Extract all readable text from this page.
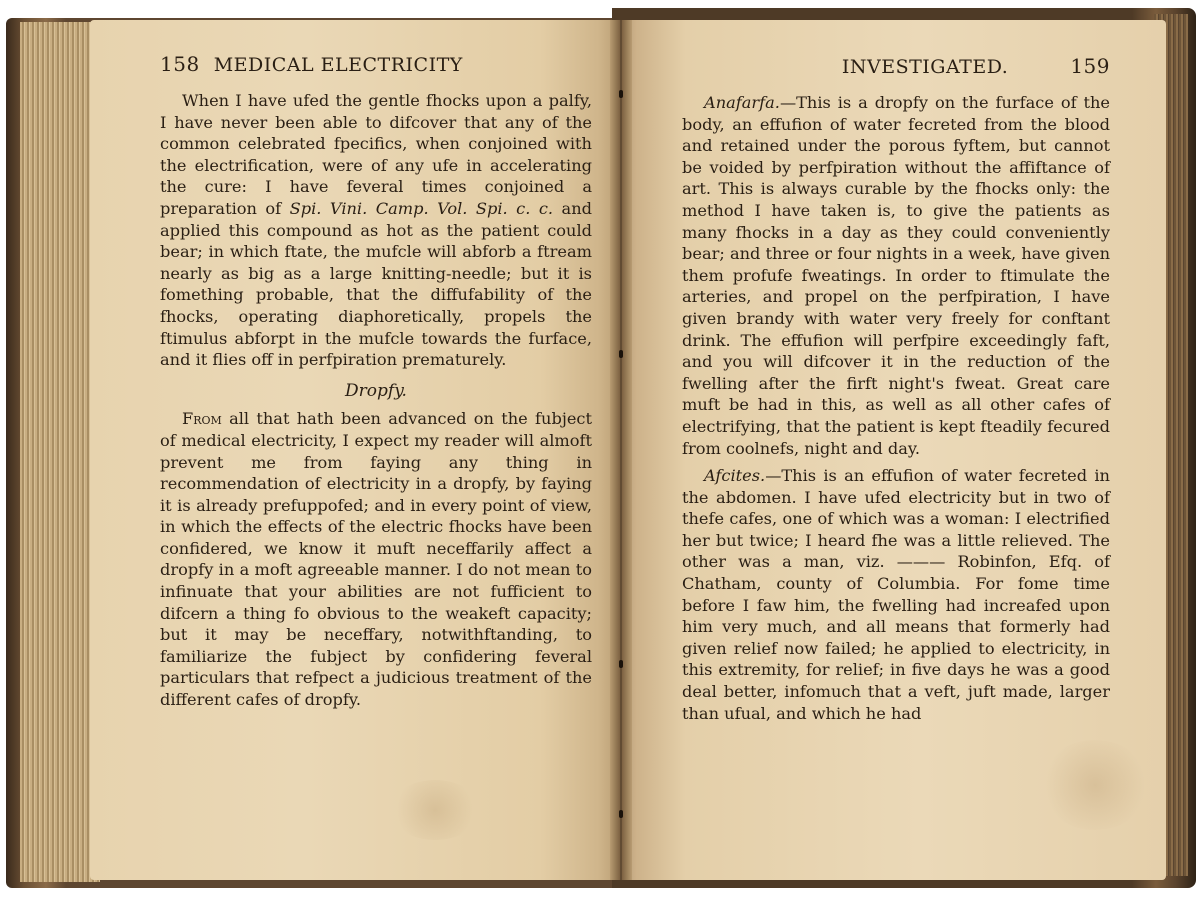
158 MEDICAL ELECTRICITY

When I have ufed the gentle fhocks upon a palfy, I have never been able to difcover that any of the common celebrated fpecifics, when conjoined with the electrification, were of any ufe in accelerating the cure: I have feveral times conjoined a preparation of Spi. Vini. Camp. Vol. Spi. c. c. and applied this compound as hot as the patient could bear; in which ftate, the mufcle will abforb a ftream nearly as big as a large knitting-needle; but it is fomething probable, that the diffufability of the fhocks, operating diaphoretically, propels the ftimulus abforpt in the mufcle towards the furface, and it flies off in perfpiration prematurely.

Dropfy.

From all that hath been advanced on the fubject of medical electricity, I expect my reader will almoft prevent me from faying any thing in recommendation of electricity in a dropfy, by faying it is already prefuppofed; and in every point of view, in which the effects of the electric fhocks have been confidered, we know it muft neceffarily affect a dropfy in a moft agreeable manner. I do not mean to infinuate that your abilities are not fufficient to difcern a thing fo obvious to the weakeft capacity; but it may be neceffary, notwithftanding, to familiarize the fubject by confidering feveral particulars that refpect a judicious treatment of the different cafes of dropfy.

INVESTIGATED.	159

Anafarfa.—This is a dropfy on the furface of the body, an effufion of water fecreted from the blood and retained under the porous fyftem, but cannot be voided by perfpiration without the affiftance of art. This is always curable by the fhocks only: the method I have taken is, to give the patients as many fhocks in a day as they could conveniently bear; and three or four nights in a week, have given them profufe fweatings. In order to ftimulate the arteries, and propel on the perfpiration, I have given brandy with water very freely for conftant drink. The effufion will perfpire exceedingly faft, and you will difcover it in the reduction of the fwelling after the firft night's fweat. Great care muft be had in this, as well as all other cafes of electrifying, that the patient is kept fteadily fecured from coolnefs, night and day.

Afcites.—This is an effufion of water fecreted in the abdomen. I have ufed electricity but in two of thefe cafes, one of which was a woman: I electrified her but twice; I heard fhe was a little relieved. The other was a man, viz. ——— Robinfon, Efq. of Chatham, county of Columbia. For fome time before I faw him, the fwelling had increafed upon him very much, and all means that formerly had given relief now failed; he applied to electricity, in this extremity, for relief; in five days he was a good deal better, infomuch that a veft, juft made, larger than ufual, and which he had
